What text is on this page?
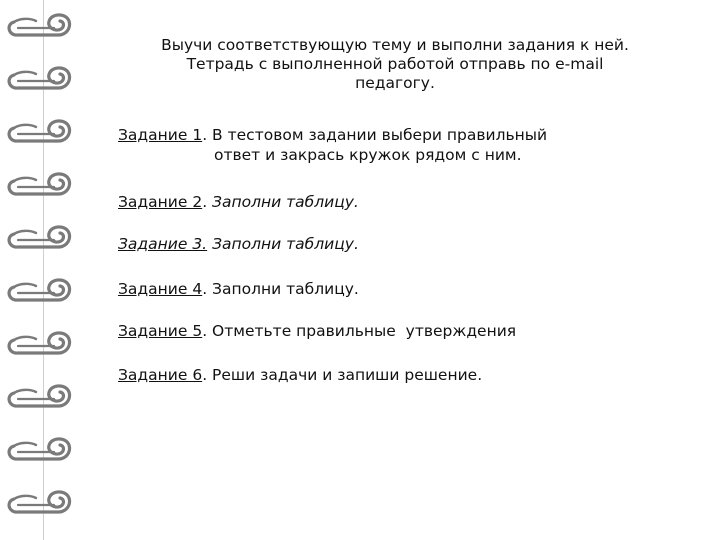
Выучи соответствующую тему и выполни задания к ней.
Тетрадь с выполненной работой отправь по e-mail
педагогу.
Задание 1. В тестовом задании выбери правильный
ответ и закрась кружок рядом с ним.
Задание 2. Заполни таблицу.
Задание 3. Заполни таблицу.
Задание 4. Заполни таблицу.
Задание 5. Отметьте правильные  утверждения
Задание 6. Реши задачи и запиши решение.
